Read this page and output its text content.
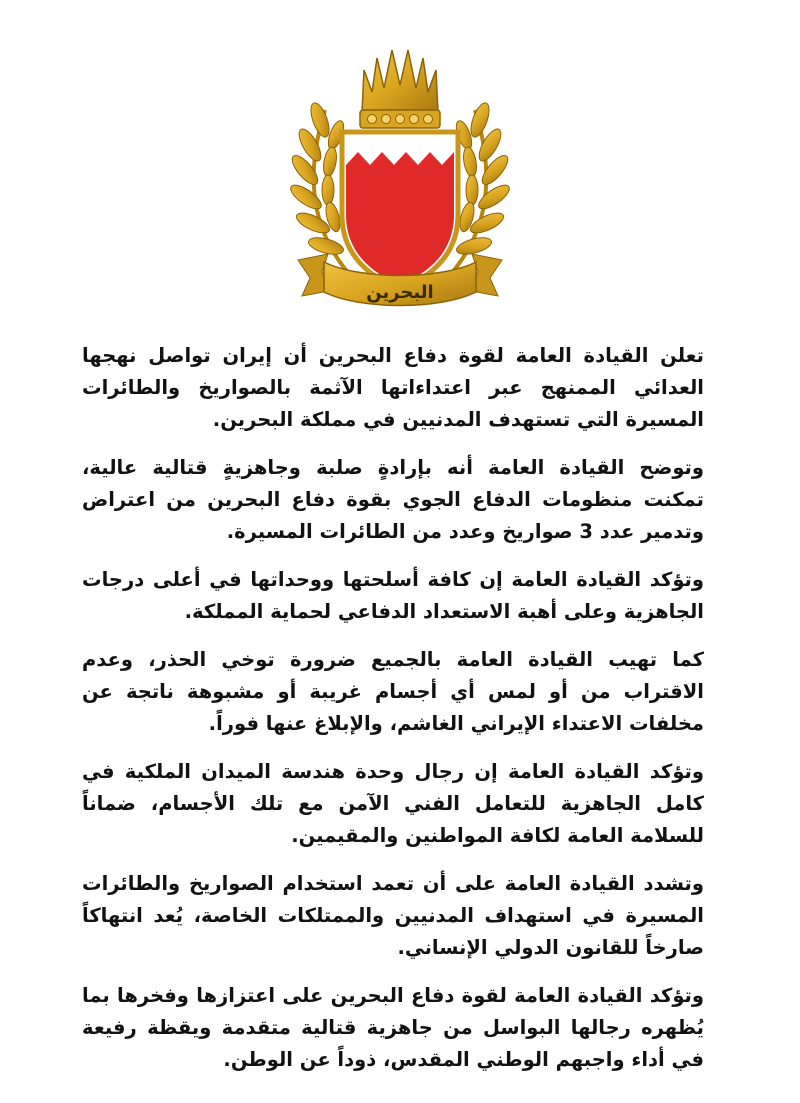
البحرين

تعلن القيادة العامة لقوة دفاع البحرين أن إيران تواصل نهجها العدائي الممنهج عبر اعتداءاتها الآثمة بالصواريخ والطائرات المسيرة التي تستهدف المدنيين في مملكة البحرين.

وتوضح القيادة العامة أنه بإرادةٍ صلبة وجاهزيةٍ قتالية عالية، تمكنت منظومات الدفاع الجوي بقوة دفاع البحرين من اعتراض وتدمير عدد 3 صواريخ وعدد من الطائرات المسيرة.

وتؤكد القيادة العامة إن كافة أسلحتها ووحداتها في أعلى درجات الجاهزية وعلى أهبة الاستعداد الدفاعي لحماية المملكة.

كما تهيب القيادة العامة بالجميع ضرورة توخي الحذر، وعدم الاقتراب من أو لمس أي أجسام غريبة أو مشبوهة ناتجة عن مخلفات الاعتداء الإيراني الغاشم، والإبلاغ عنها فوراً.

وتؤكد القيادة العامة إن رجال وحدة هندسة الميدان الملكية في كامل الجاهزية للتعامل الفني الآمن مع تلك الأجسام، ضماناً للسلامة العامة لكافة المواطنين والمقيمين.

وتشدد القيادة العامة على أن تعمد استخدام الصواريخ والطائرات المسيرة في استهداف المدنيين والممتلكات الخاصة، يُعد انتهاكاً صارخاً للقانون الدولي الإنساني.

وتؤكد القيادة العامة لقوة دفاع البحرين على اعتزازها وفخرها بما يُظهره رجالها البواسل من جاهزية قتالية متقدمة ويقظة رفيعة في أداء واجبهم الوطني المقدس، ذوداً عن الوطن.
